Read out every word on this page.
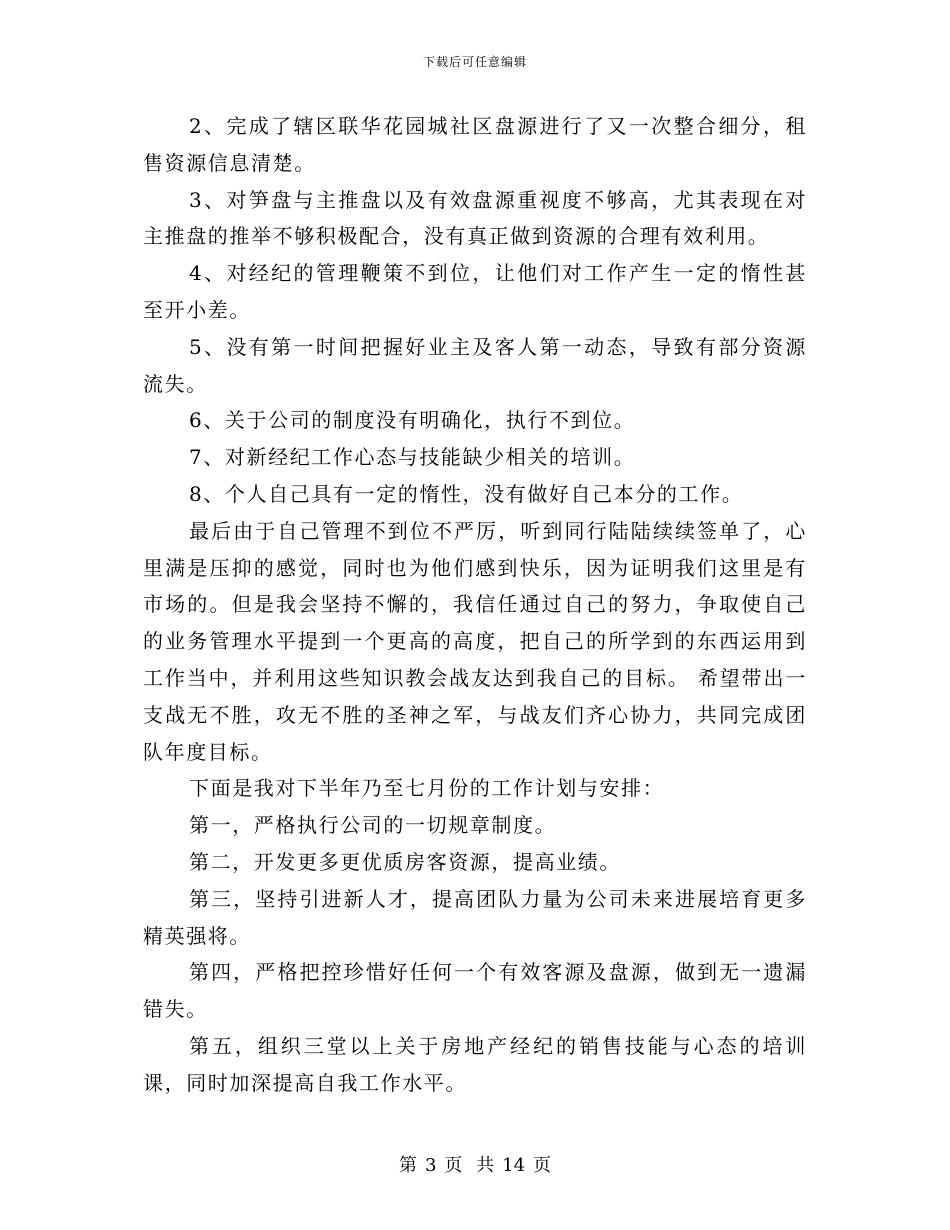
下载后可任意编辑

2、完成了辖区联华花园城社区盘源进行了又一次整合细分，租售资源信息清楚。

3、对笋盘与主推盘以及有效盘源重视度不够高，尤其表现在对主推盘的推举不够积极配合，没有真正做到资源的合理有效利用。

4、对经纪的管理鞭策不到位，让他们对工作产生一定的惰性甚至开小差。

5、没有第一时间把握好业主及客人第一动态，导致有部分资源流失。

6、关于公司的制度没有明确化，执行不到位。

7、对新经纪工作心态与技能缺少相关的培训。

8、个人自己具有一定的惰性，没有做好自己本分的工作。

最后由于自己管理不到位不严厉，听到同行陆陆续续签单了，心里满是压抑的感觉，同时也为他们感到快乐，因为证明我们这里是有市场的。但是我会坚持不懈的，我信任通过自己的努力，争取使自己的业务管理水平提到一个更高的高度，把自己的所学到的东西运用到工作当中，并利用这些知识教会战友达到我自己的目标。 希望带出一支战无不胜，攻无不胜的圣神之军，与战友们齐心协力，共同完成团队年度目标。

下面是我对下半年乃至七月份的工作计划与安排：

第一，严格执行公司的一切规章制度。

第二，开发更多更优质房客资源，提高业绩。

第三，坚持引进新人才，提高团队力量为公司未来进展培育更多精英强将。

第四，严格把控珍惜好任何一个有效客源及盘源，做到无一遗漏错失。

第五，组织三堂以上关于房地产经纪的销售技能与心态的培训课，同时加深提高自我工作水平。

第 3 页 共 14 页
